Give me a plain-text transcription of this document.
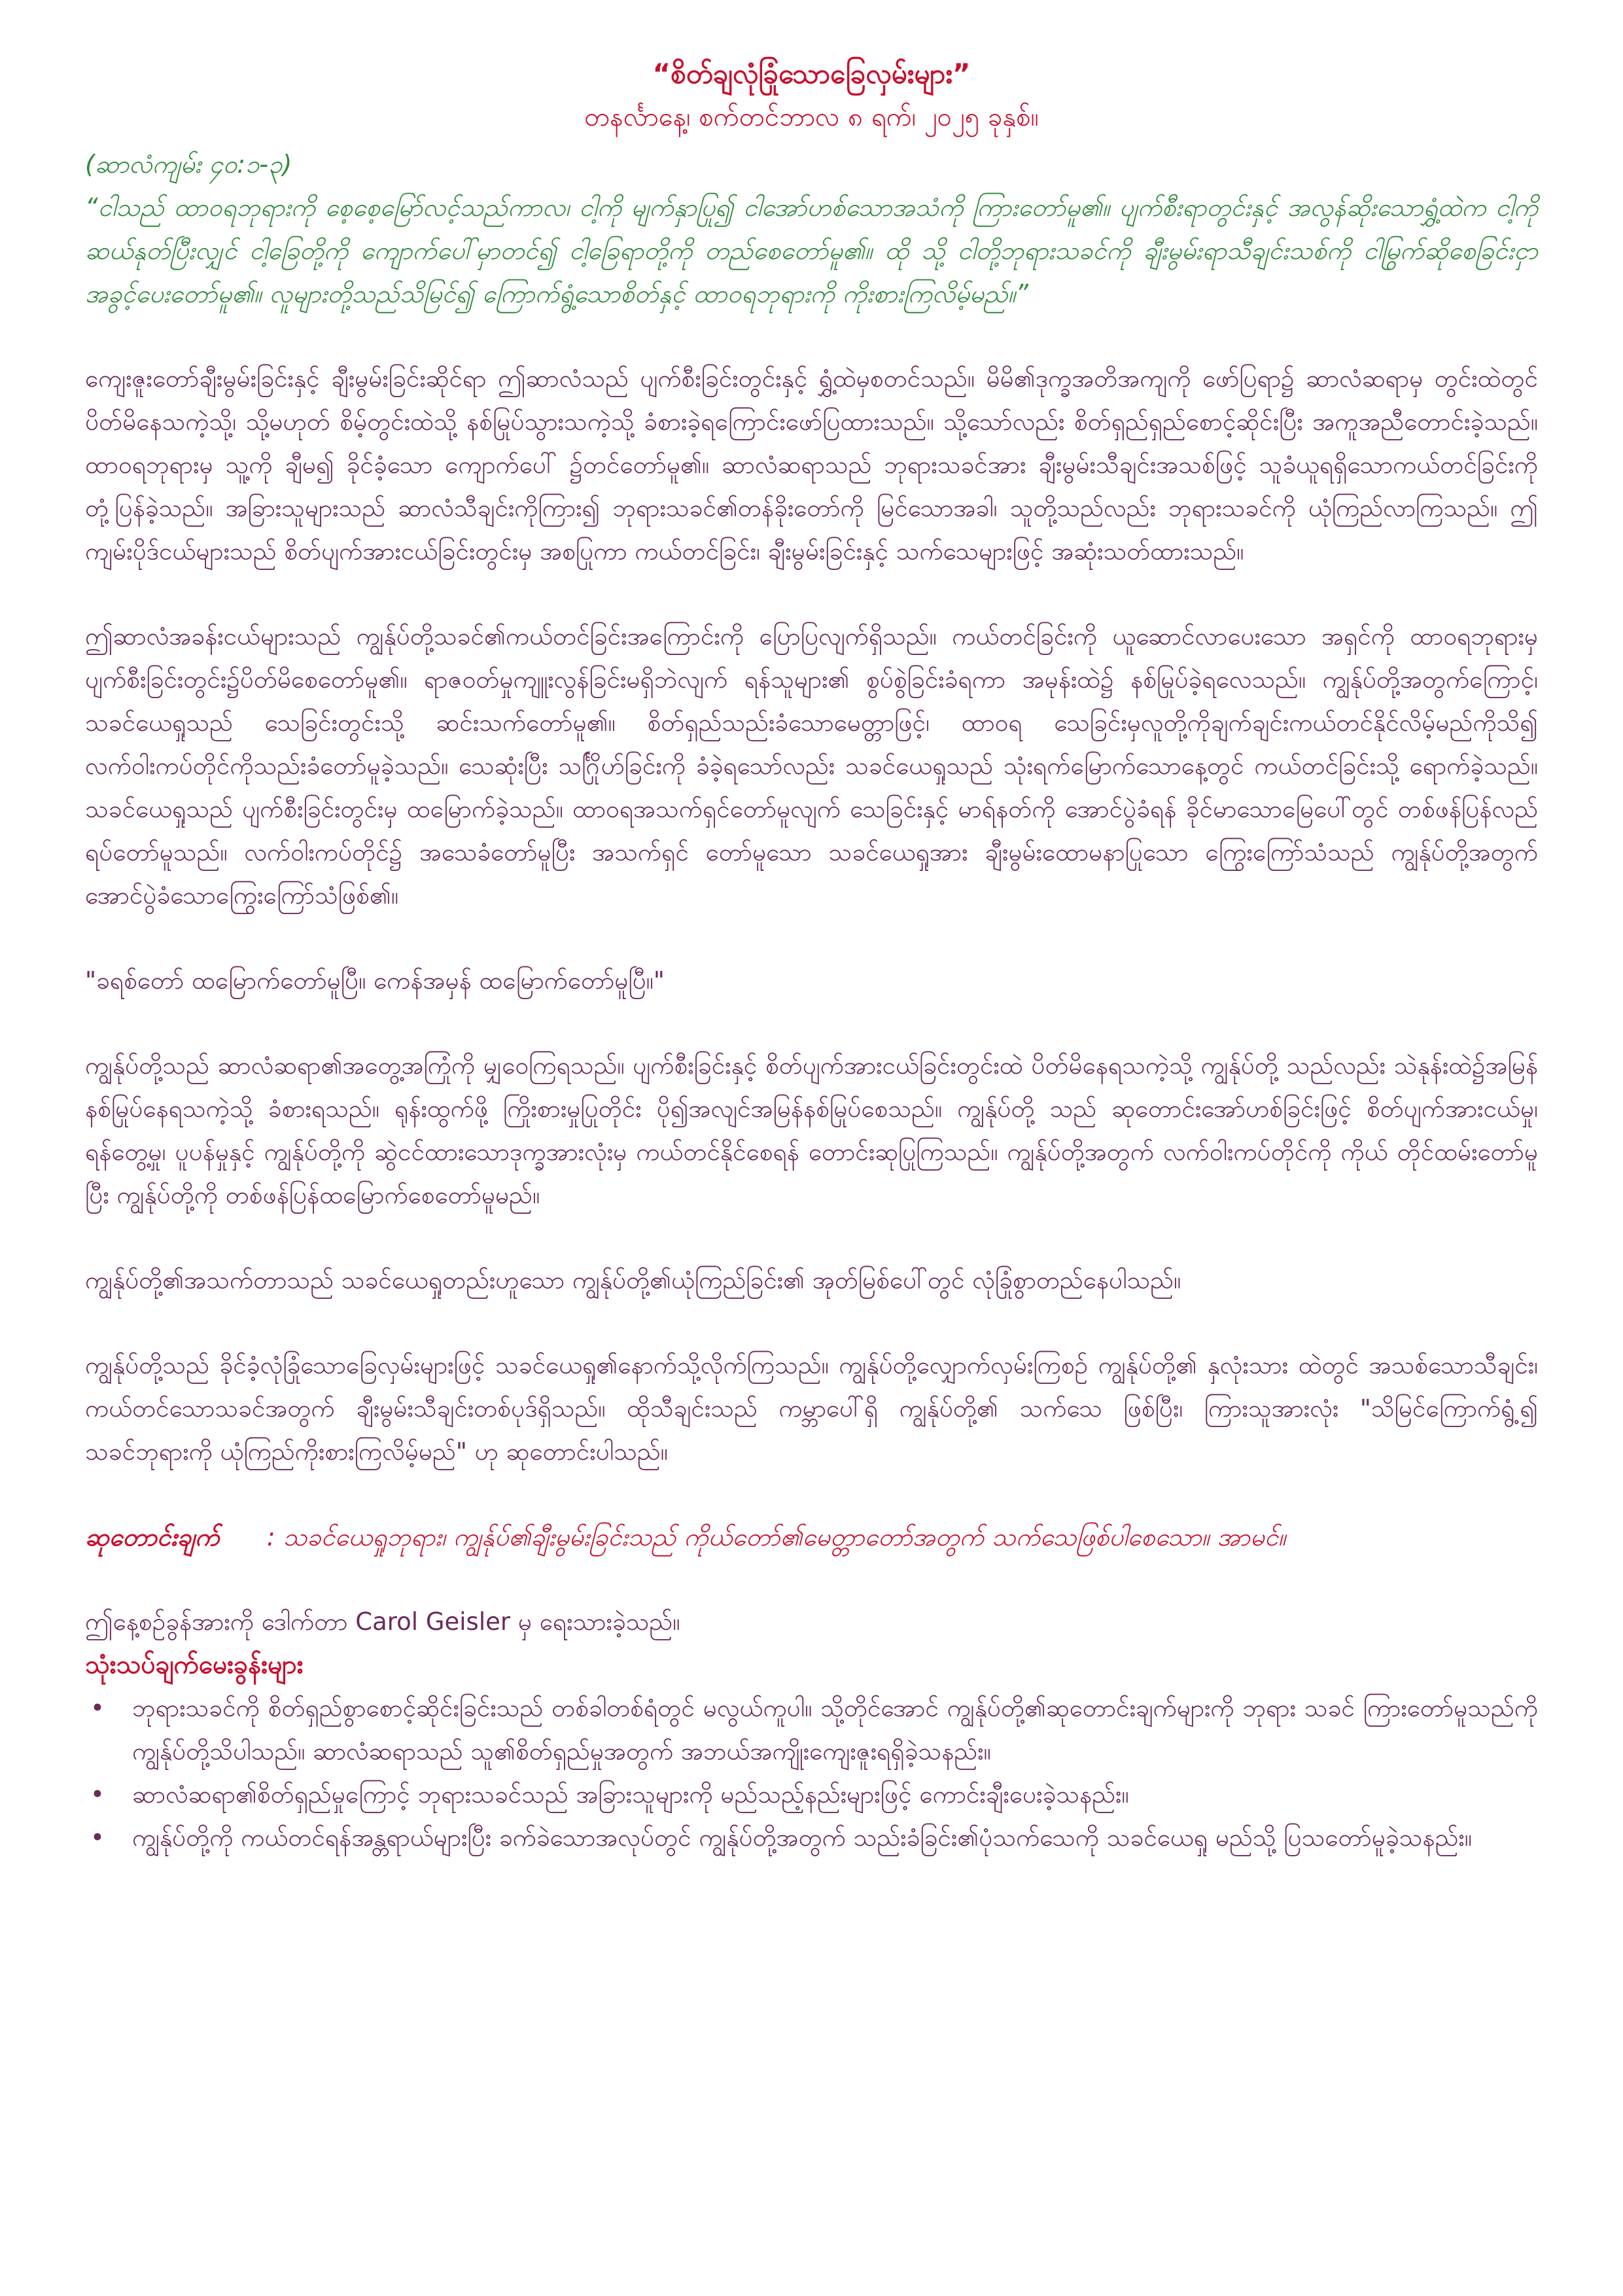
“စိတ်ချလုံခြုံသောခြေလှမ်းများ”

တနင်္လာနေ့၊ စက်တင်ဘာလ ၈ ရက်၊ ၂၀၂၅ ခုနှစ်။

(ဆာလံကျမ်း ၄၀:၁-၃)

“ငါသည် ထာဝရဘုရားကို စေ့စေ့မြော်လင့်သည်ကာလ၊ ငါ့ကို မျက်နှာပြု၍ ငါအော်ဟစ်သောအသံကို ကြားတော်မူ၏။ ပျက်စီးရာတွင်းနှင့် အလွန်ဆိုးသောရွှံ့ထဲက ငါ့ကိုဆယ်နုတ်ပြီးလျှင် ငါ့ခြေတို့ကို ကျောက်ပေါ်မှာတင်၍ ငါ့ခြေရာတို့ကို တည်စေတော်မူ၏။ ထို သို့ ငါတို့ဘုရားသခင်ကို ချီးမွမ်းရာသီချင်းသစ်ကို ငါမြွက်ဆိုစေခြင်းငှာ အခွင့်ပေးတော်မူ၏။ လူများတို့သည်သိမြင်၍ ကြောက်ရွံ့သောစိတ်နှင့် ထာဝရဘုရားကို ကိုးစားကြလိမ့်မည်။”

ကျေးဇူးတော်ချီးမွမ်းခြင်းနှင့် ချီးမွမ်းခြင်းဆိုင်ရာ ဤဆာလံသည် ပျက်စီးခြင်းတွင်းနှင့် ရွှံ့ထဲမှစတင်သည်။ မိမိ၏ဒုက္ခအတိအကျကို ဖော်ပြရာ၌ ဆာလံဆရာမှ တွင်းထဲတွင် ပိတ်မိနေသကဲ့သို့၊ သို့မဟုတ် စိမ့်တွင်းထဲသို့ နစ်မြုပ်သွားသကဲ့သို့ ခံစားခဲ့ရကြောင်းဖော်ပြထားသည်။ သို့သော်လည်း စိတ်ရှည်ရှည်စောင့်ဆိုင်းပြီး အကူအညီတောင်းခဲ့သည်။ ထာဝရဘုရားမှ သူ့ကို ချီမ၍ ခိုင်ခံ့သော ကျောက်ပေါ် ၌တင်တော်မူ၏။ ဆာလံဆရာသည် ဘုရားသခင်အား ချီးမွမ်းသီချင်းအသစ်ဖြင့် သူခံယူရရှိသောကယ်တင်ခြင်းကို တုံ့ပြန်ခဲ့သည်။ အခြားသူများသည် ဆာလံသီချင်းကိုကြား၍ ဘုရားသခင်၏တန်ခိုးတော်ကို မြင်သောအခါ၊ သူတို့သည်လည်း ဘုရားသခင်ကို ယုံကြည်လာကြသည်။ ဤကျမ်းပိုဒ်ငယ်များသည် စိတ်ပျက်အားငယ်ခြင်းတွင်းမှ အစပြုကာ ကယ်တင်ခြင်း၊ ချီးမွမ်းခြင်းနှင့် သက်သေများဖြင့် အဆုံးသတ်ထားသည်။

ဤဆာလံအခန်းငယ်များသည် ကျွန်ုပ်တို့သခင်၏ကယ်တင်ခြင်းအကြောင်းကို ပြောပြလျက်ရှိသည်။ ကယ်တင်ခြင်းကို ယူဆောင်လာပေးသော အရှင်ကို ထာဝရဘုရားမှ ပျက်စီးခြင်းတွင်း၌ပိတ်မိစေတော်မူ၏။ ရာဇဝတ်မှုကျူးလွန်ခြင်းမရှိဘဲလျက် ရန်သူများ၏ စွပ်စွဲခြင်းခံရကာ အမုန်းထဲ၌ နစ်မြုပ်ခဲ့ရလေသည်။ ကျွန်ုပ်တို့အတွက်ကြောင့်၊ သခင်ယေရှုသည် သေခြင်းတွင်းသို့ ဆင်းသက်တော်မူ၏။ စိတ်ရှည်သည်းခံသောမေတ္တာဖြင့်၊ ထာဝရ သေခြင်းမှလူတို့ကိုချက်ချင်းကယ်တင်နိုင်လိမ့်မည်ကိုသိ၍ လက်ဝါးကပ်တိုင်ကိုသည်းခံတော်မူခဲ့သည်။ သေဆုံးပြီး သင်္ဂြိုဟ်ခြင်းကို ခံခဲ့ရသော်လည်း သခင်ယေရှုသည် သုံးရက်မြောက်သောနေ့တွင် ကယ်တင်ခြင်းသို့ ရောက်ခဲ့သည်။ သခင်ယေရှုသည် ပျက်စီးခြင်းတွင်းမှ ထမြောက်ခဲ့သည်။ ထာဝရအသက်ရှင်တော်မူလျက် သေခြင်းနှင့် မာရ်နတ်ကို အောင်ပွဲခံရန် ခိုင်မာသောမြေပေါ်တွင် တစ်ဖန်ပြန်လည်ရပ်တော်မူသည်။ လက်ဝါးကပ်တိုင်၌ အသေခံတော်မူပြီး အသက်ရှင် တော်မူသော သခင်ယေရှုအား ချီးမွမ်းထောမနာပြုသော ကြွေးကြော်သံသည် ကျွန်ုပ်တို့အတွက် အောင်ပွဲခံသောကြွေးကြော်သံဖြစ်၏။

"ခရစ်တော် ထမြောက်တော်မူပြီ။ ကေန်အမှန် ထမြောက်တော်မူပြီ။"

ကျွန်ုပ်တို့သည် ဆာလံဆရာ၏အတွေ့အကြုံကို မျှဝေကြရသည်။ ပျက်စီးခြင်းနှင့် စိတ်ပျက်အားငယ်ခြင်းတွင်းထဲ ပိတ်မိနေရသကဲ့သို့ ကျွန်ုပ်တို့ သည်လည်း သဲနုန်းထဲ၌အမြန်နစ်မြုပ်နေရသကဲ့သို့ ခံစားရသည်။ ရုန်းထွက်ဖို့ ကြိုးစားမှုပြုတိုင်း ပို၍အလျင်အမြန်နစ်မြုပ်စေသည်။ ကျွန်ုပ်တို့ သည် ဆုတောင်းအော်ဟစ်ခြင်းဖြင့် စိတ်ပျက်အားငယ်မှု၊ ရန်တွေ့မှု၊ ပူပန်မှုနှင့် ကျွန်ုပ်တို့ကို ဆွဲငင်ထားသောဒုက္ခအားလုံးမှ ကယ်တင်နိုင်စေရန် တောင်းဆုပြုကြသည်။ ကျွန်ုပ်တို့အတွက် လက်ဝါးကပ်တိုင်ကို ကိုယ် တိုင်ထမ်းတော်မူပြီး ကျွန်ုပ်တို့ကို တစ်ဖန်ပြန်ထမြောက်စေတော်မူမည်။

ကျွန်ုပ်တို့၏အသက်တာသည် သခင်ယေရှုတည်းဟူသော ကျွန်ုပ်တို့၏ယုံကြည်ခြင်း၏ အုတ်မြစ်ပေါ်တွင် လုံခြုံစွာတည်နေပါသည်။

ကျွန်ုပ်တို့သည် ခိုင်ခံ့လုံခြုံသောခြေလှမ်းများဖြင့် သခင်ယေရှု၏နောက်သို့လိုက်ကြသည်။ ကျွန်ုပ်တို့လျှောက်လှမ်းကြစဉ် ကျွန်ုပ်တို့၏ နှလုံးသား ထဲတွင် အသစ်သောသီချင်း၊ ကယ်တင်သောသခင်အတွက် ချီးမွမ်းသီချင်းတစ်ပုဒ်ရှိသည်။ ထိုသီချင်းသည် ကမ္ဘာပေါ်ရှိ ကျွန်ုပ်တို့၏ သက်သေ ဖြစ်ပြီး၊ ကြားသူအားလုံး "သိမြင်ကြောက်ရွံ့၍ သခင်ဘုရားကို ယုံကြည်ကိုးစားကြလိမ့်မည်" ဟု ဆုတောင်းပါသည်။

ဆုတောင်းချက် : သခင်ယေရှုဘုရား၊ ကျွန်ုပ်၏ချီးမွမ်းခြင်းသည် ကိုယ်တော်၏မေတ္တာတော်အတွက် သက်သေဖြစ်ပါစေသော။ အာမင်။

ဤနေ့စဉ်ခွန်အားကို ဒေါက်တာ Carol Geisler မှ ရေးသားခဲ့သည်။

သုံးသပ်ချက်မေးခွန်းများ

• ဘုရားသခင်ကို စိတ်ရှည်စွာစောင့်ဆိုင်းခြင်းသည် တစ်ခါတစ်ရံတွင် မလွယ်ကူပါ။ သို့တိုင်အောင် ကျွန်ုပ်တို့၏ဆုတောင်းချက်များကို ဘုရား သခင် ကြားတော်မူသည်ကို ကျွန်ုပ်တို့သိပါသည်။ ဆာလံဆရာသည် သူ၏စိတ်ရှည်မှုအတွက် အဘယ်အကျိုးကျေးဇူးရရှိခဲ့သနည်း။
• ဆာလံဆရာ၏စိတ်ရှည်မှုကြောင့် ဘုရားသခင်သည် အခြားသူများကို မည်သည့်နည်းများဖြင့် ကောင်းချီးပေးခဲ့သနည်း။
• ကျွန်ုပ်တို့ကို ကယ်တင်ရန်အန္တရာယ်များပြီး ခက်ခဲသောအလုပ်တွင် ကျွန်ုပ်တို့အတွက် သည်းခံခြင်း၏ပုံသက်သေကို သခင်ယေရှု မည်သို့ ပြသတော်မူခဲ့သနည်း။
